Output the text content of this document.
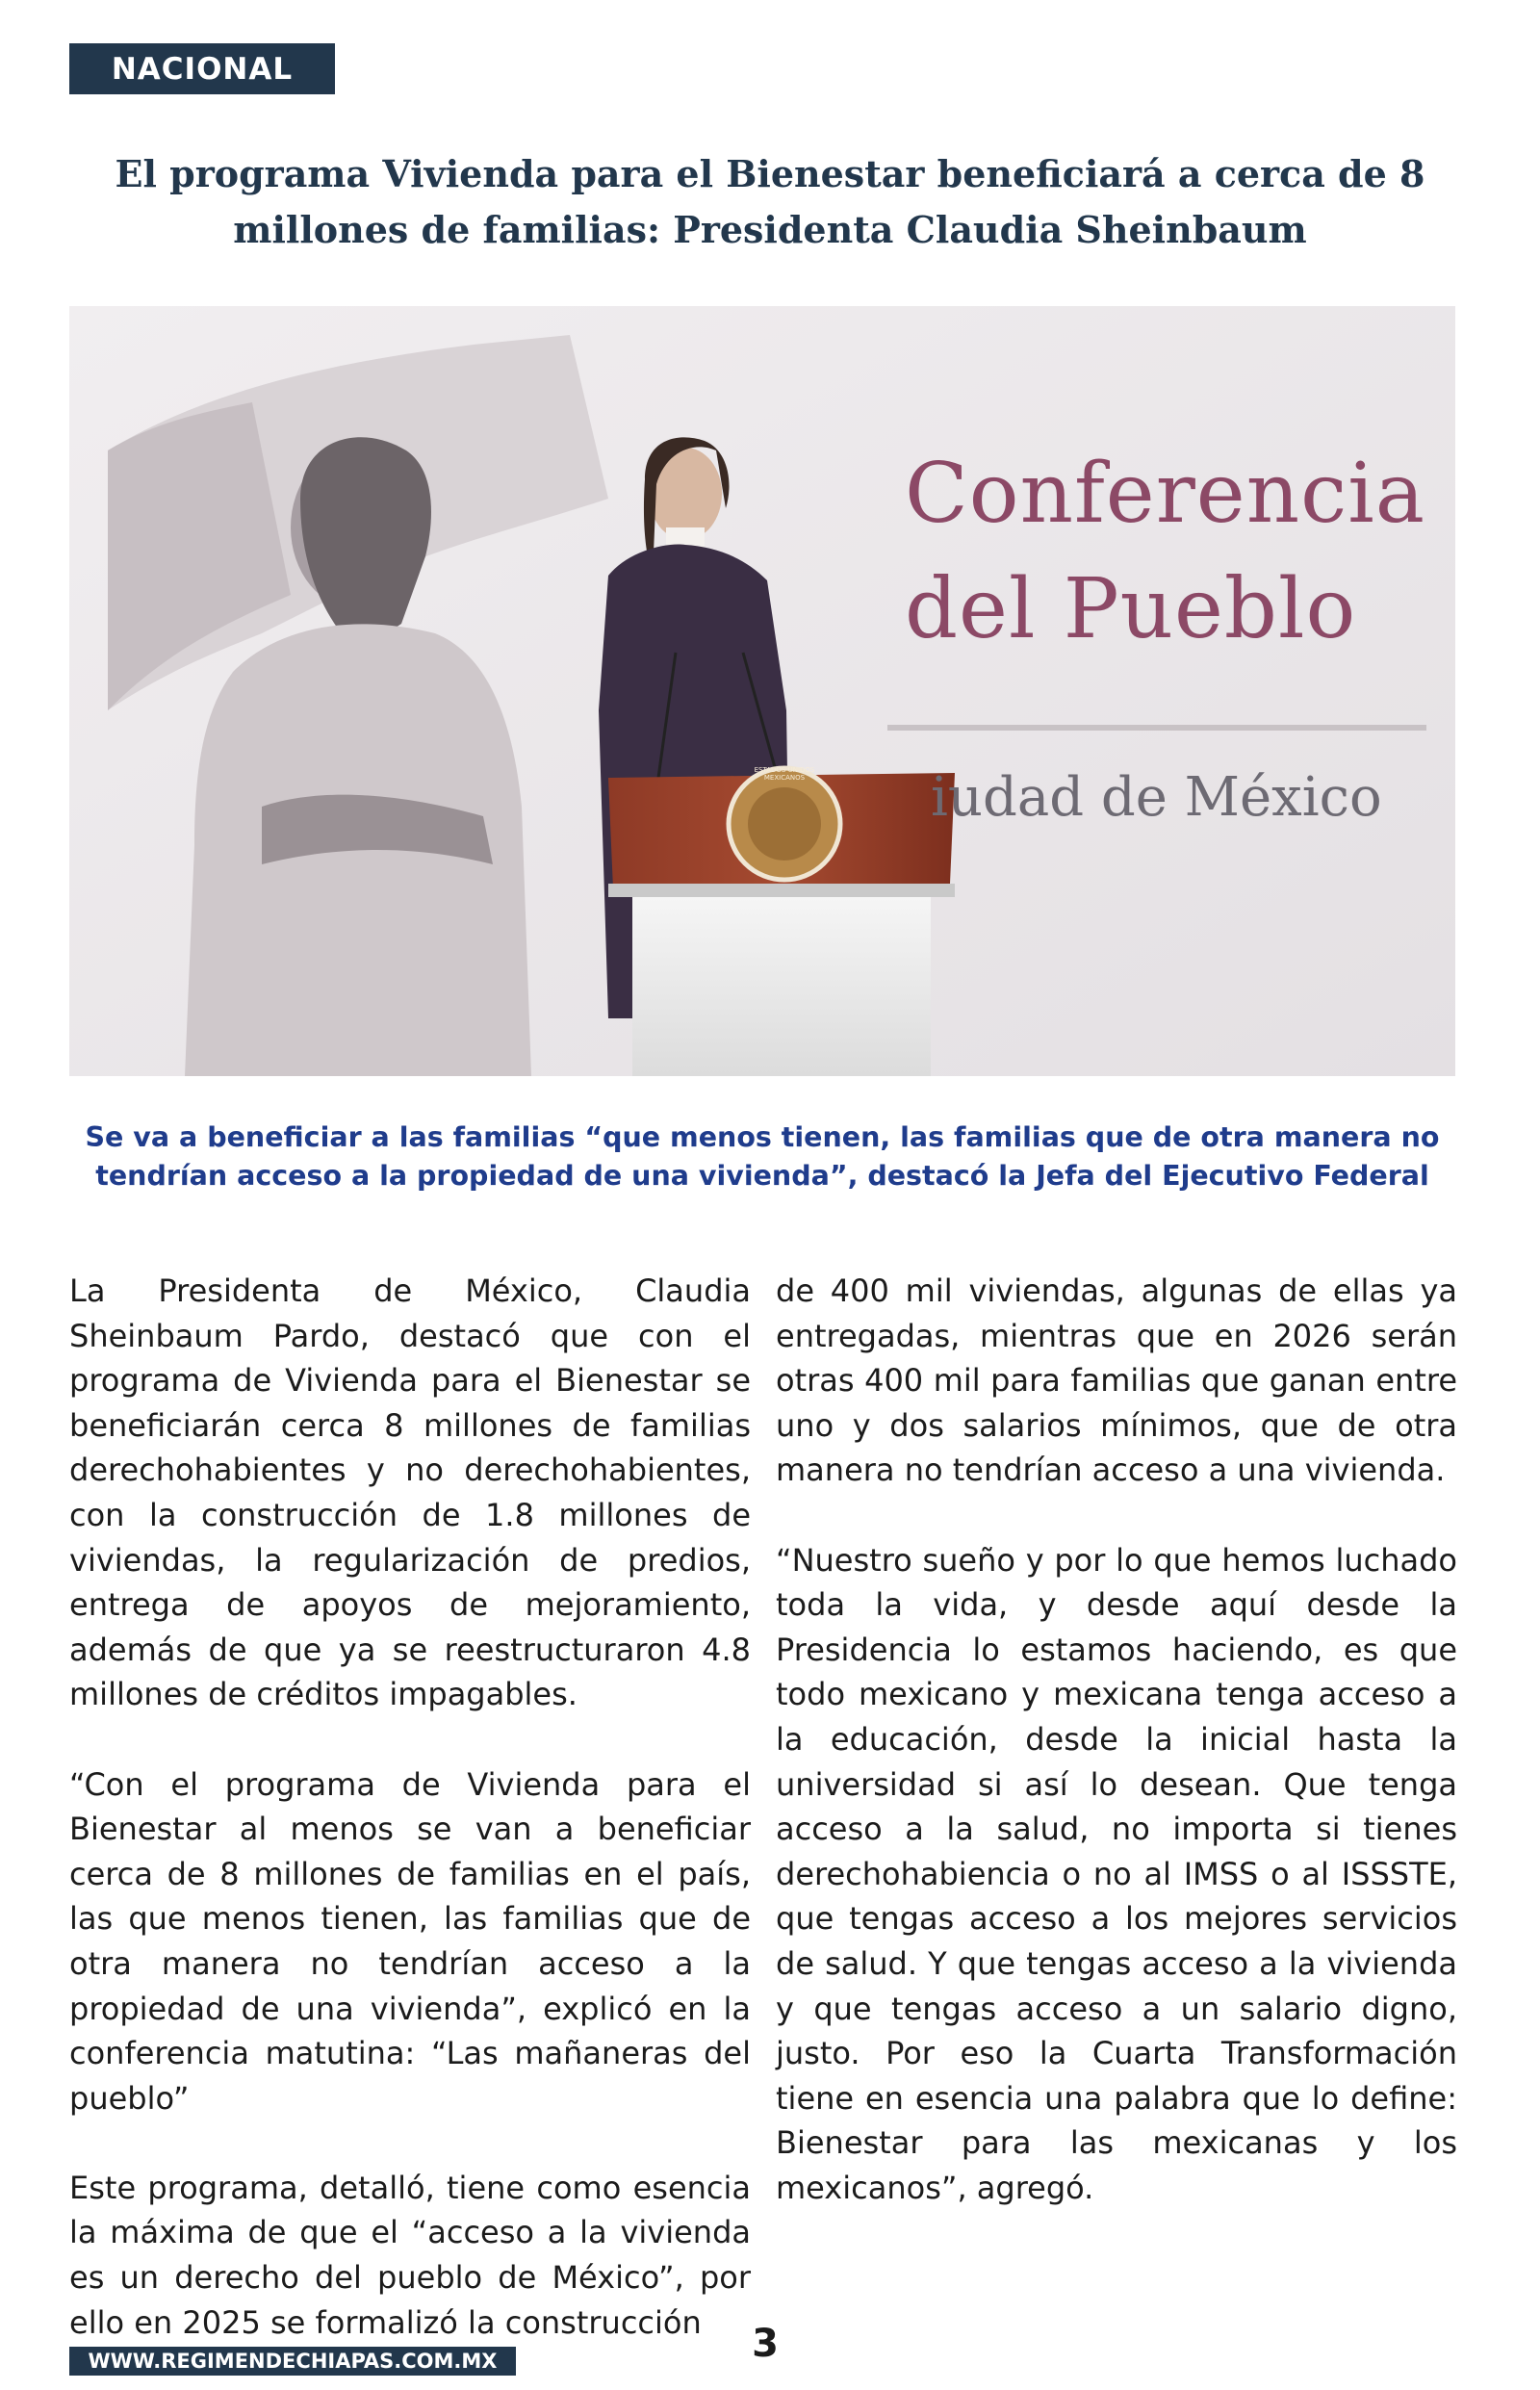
NACIONAL
El programa Vivienda para el Bienestar beneficiará a cerca de 8 millones de familias: Presidenta Claudia Sheinbaum
Conferencia
del Pueblo
iudad de México
ESTADOS UNIDOS MEXICANOS

Se va a beneficiar a las familias “que menos tienen, las familias que de otra manera no tendrían acceso a la propiedad de una vivienda”, destacó la Jefa del Ejecutivo Federal

La Presidenta de México, Claudia Sheinbaum Pardo, destacó que con el programa de Vivienda para el Bienestar se beneficiarán cerca 8 millones de familias derechohabientes y no derechohabientes, con la construcción de 1.8 millones de viviendas, la regularización de predios, entrega de apoyos de mejoramiento, además de que ya se reestructuraron 4.8 millones de créditos impagables.

“Con el programa de Vivienda para el Bienestar al menos se van a beneficiar cerca de 8 millones de familias en el país, las que menos tienen, las familias que de otra manera no tendrían acceso a la propiedad de una vivienda”, explicó en la conferencia matutina: “Las mañaneras del pueblo”

Este programa, detalló, tiene como esencia la máxima de que el “acceso a la vivienda es un derecho del pueblo de México”, por ello en 2025 se formalizó la construcción

de 400 mil viviendas, algunas de ellas ya entregadas, mientras que en 2026 serán otras 400 mil para familias que ganan entre uno y dos salarios mínimos, que de otra manera no tendrían acceso a una vivienda.

“Nuestro sueño y por lo que hemos luchado toda la vida, y desde aquí desde la Presidencia lo estamos haciendo, es que todo mexicano y mexicana tenga acceso a la educación, desde la inicial hasta la universidad si así lo desean. Que tenga acceso a la salud, no importa si tienes derechohabiencia o no al IMSS o al ISSSTE, que tengas acceso a los mejores servicios de salud. Y que tengas acceso a la vivienda y que tengas acceso a un salario digno, justo. Por eso la Cuarta Transformación tiene en esencia una palabra que lo define: Bienestar para las mexicanas y los mexicanos”, agregó.

3
WWW.REGIMENDECHIAPAS.COM.MX
